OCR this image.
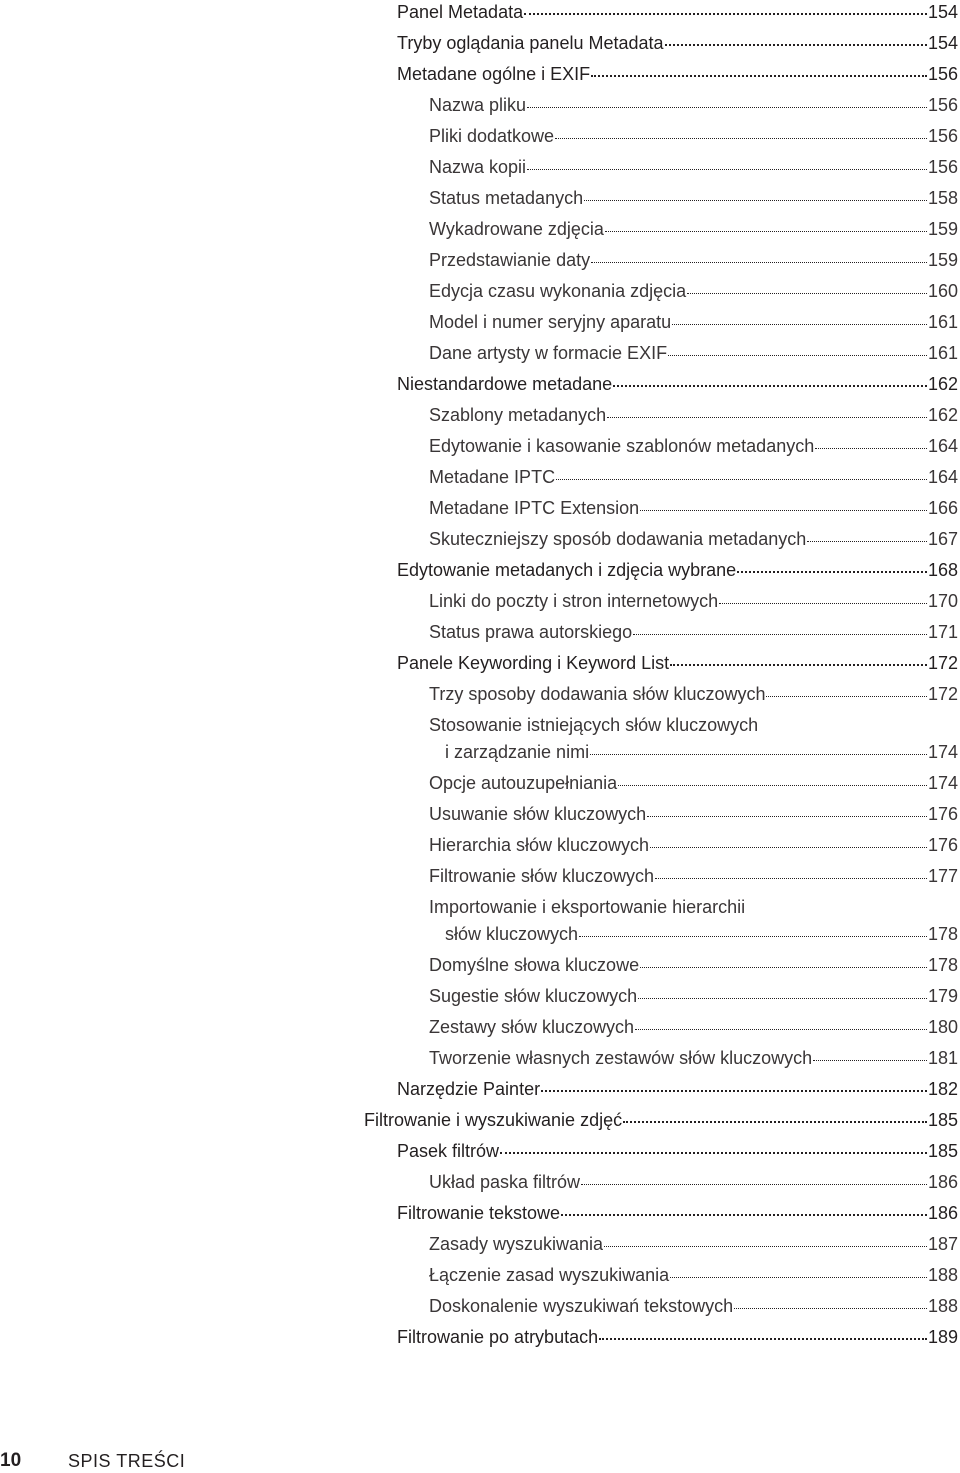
Panel Metadata	154
Tryby oglądania panelu Metadata	154
Metadane ogólne i EXIF	156
Nazwa pliku	156
Pliki dodatkowe	156
Nazwa kopii	156
Status metadanych	158
Wykadrowane zdjęcia	159
Przedstawianie daty	159
Edycja czasu wykonania zdjęcia	160
Model i numer seryjny aparatu	161
Dane artysty w formacie EXIF	161
Niestandardowe metadane	162
Szablony metadanych	162
Edytowanie i kasowanie szablonów metadanych	164
Metadane IPTC	164
Metadane IPTC Extension	166
Skuteczniejszy sposób dodawania metadanych	167
Edytowanie metadanych i zdjęcia wybrane	168
Linki do poczty i stron internetowych	170
Status prawa autorskiego	171
Panele Keywording i Keyword List	172
Trzy sposoby dodawania słów kluczowych	172
Stosowanie istniejących słów kluczowych
i zarządzanie nimi	174
Opcje autouzupełniania	174
Usuwanie słów kluczowych	176
Hierarchia słów kluczowych	176
Filtrowanie słów kluczowych	177
Importowanie i eksportowanie hierarchii
słów kluczowych	178
Domyślne słowa kluczowe	178
Sugestie słów kluczowych	179
Zestawy słów kluczowych	180
Tworzenie własnych zestawów słów kluczowych	181
Narzędzie Painter	182
Filtrowanie i wyszukiwanie zdjęć	185
Pasek filtrów	185
Układ paska filtrów	186
Filtrowanie tekstowe	186
Zasady wyszukiwania	187
Łączenie zasad wyszukiwania	188
Doskonalenie wyszukiwań tekstowych	188
Filtrowanie po atrybutach	189
10	SPIS TREŚCI
